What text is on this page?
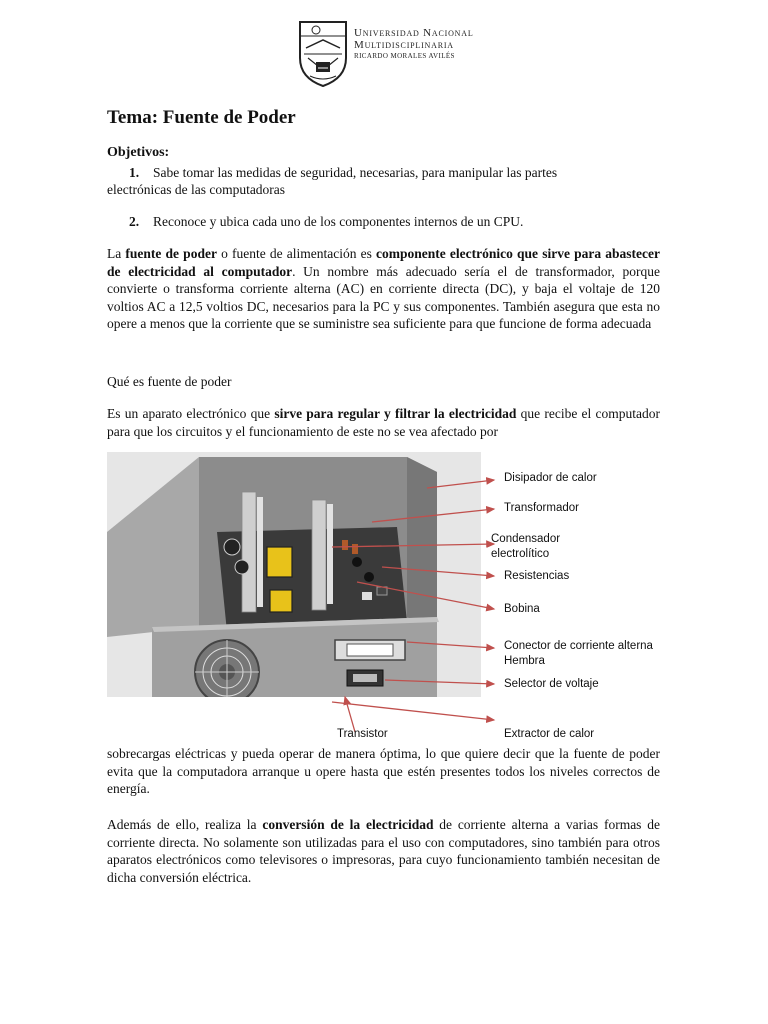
Universidad Nacional
Multidisciplinaria
RICARDO MORALES AVILÉS
Tema: Fuente de Poder
Objetivos:
1. Sabe tomar las medidas de seguridad, necesarias, para manipular las partes electrónicas de las computadoras
2. Reconoce y ubica cada uno de los componentes internos de un CPU.
La fuente de poder o fuente de alimentación es componente electrónico que sirve para abastecer de electricidad al computador. Un nombre más adecuado sería el de transformador, porque convierte o transforma corriente alterna (AC) en corriente directa (DC), y baja el voltaje de 120 voltios AC a 12,5 voltios DC, necesarios para la PC y sus componentes. También asegura que esta no opere a menos que la corriente que se suministre sea suficiente para que funcione de forma adecuada
Qué es fuente de poder
Es un aparato electrónico que sirve para regular y filtrar la electricidad que recibe el computador para que los circuitos y el funcionamiento de este no se vea afectado por
Disipador de calor
Transformador
Condensador
electrolítico
Resistencias
Bobina
Conector de corriente alterna
Hembra
Selector de voltaje
Transistor	Extractor de calor
sobrecargas eléctricas y pueda operar de manera óptima, lo que quiere decir que la fuente de poder evita que la computadora arranque u opere hasta que estén presentes todos los niveles correctos de energía.
Además de ello, realiza la conversión de la electricidad de corriente alterna a varias formas de corriente directa. No solamente son utilizadas para el uso con computadores, sino también para otros aparatos electrónicos como televisores o impresoras, para cuyo funcionamiento también necesitan de dicha conversión eléctrica.
